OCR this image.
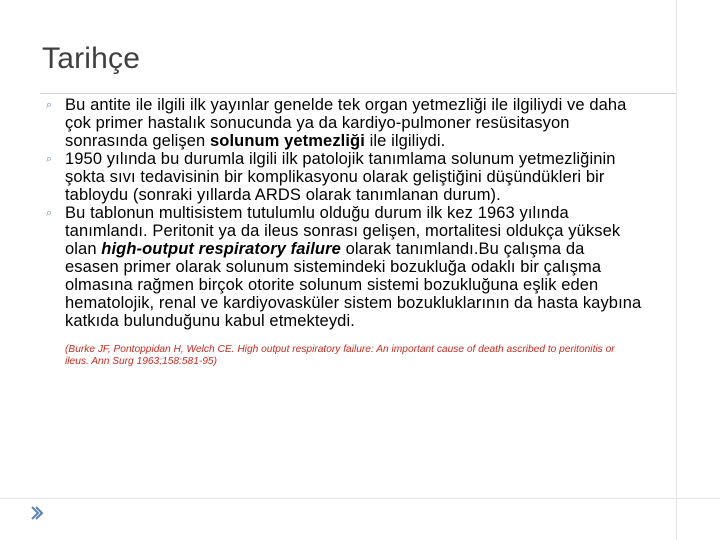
Tarihçe
⌕ Bu antite ile ilgili ilk yayınlar genelde tek organ yetmezliği ile ilgiliydi ve daha çok primer hastalık sonucunda ya da kardiyo-pulmoner resüsitasyon sonrasında gelişen solunum yetmezliği ile ilgiliydi.
⌕ 1950 yılında bu durumla ilgili ilk patolojik tanımlama solunum yetmezliğinin şokta sıvı tedavisinin bir komplikasyonu olarak geliştiğini düşündükleri bir tabloydu (sonraki yıllarda ARDS olarak tanımlanan durum).
⌕ Bu tablonun multisistem tutulumlu olduğu durum ilk kez 1963 yılında tanımlandı. Peritonit ya da ileus sonrası gelişen, mortalitesi oldukça yüksek olan high-output respiratory failure olarak tanımlandı.Bu çalışma da esasen primer olarak solunum sistemindeki bozukluğa odaklı bir çalışma olmasına rağmen birçok otorite solunum sistemi bozukluğuna eşlik eden hematolojik, renal ve kardiyovasküler sistem bozukluklarının da hasta kaybına katkıda bulunduğunu kabul etmekteydi.
(Burke JF, Pontoppidan H, Welch CE. High output respiratory failure: An important cause of death ascribed to peritonitis or ileus. Ann Surg 1963;158:581-95)
